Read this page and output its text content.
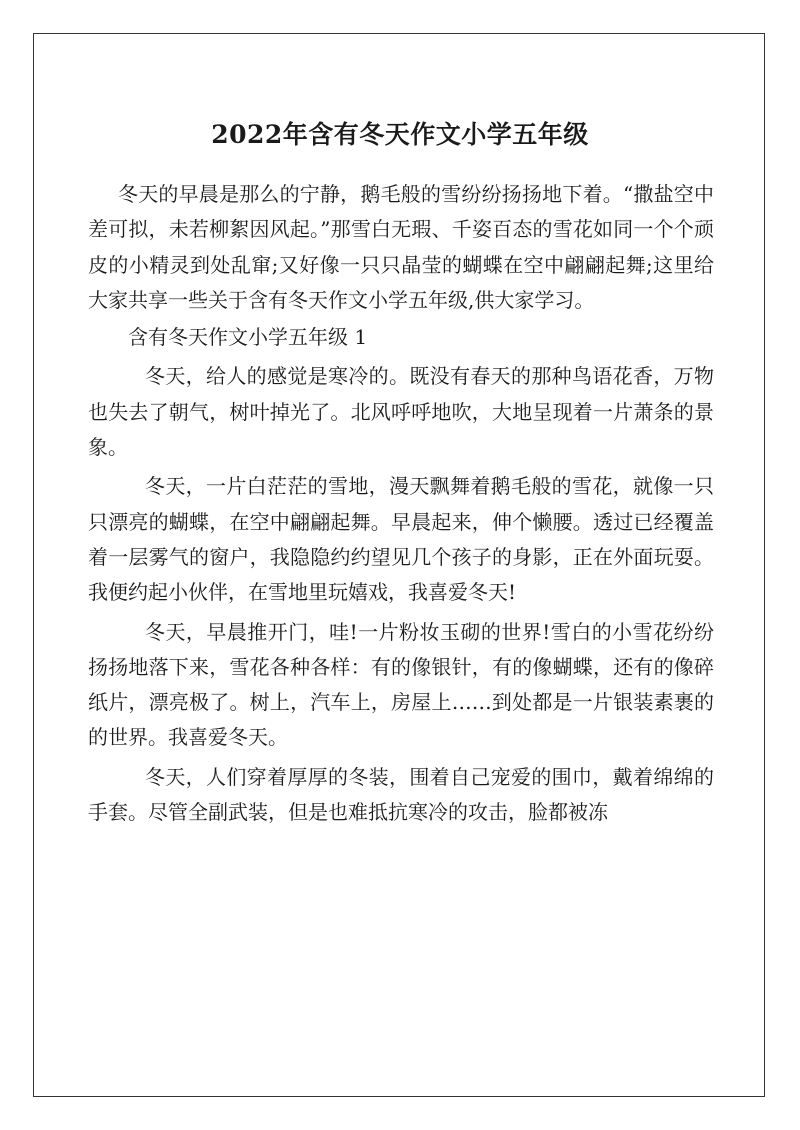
2022年含有冬天作文小学五年级

冬天的早晨是那么的宁静，鹅毛般的雪纷纷扬扬地下着。“撒盐空中差可拟，未若柳絮因风起。”那雪白无瑕、千姿百态的雪花如同一个个顽皮的小精灵到处乱窜;又好像一只只晶莹的蝴蝶在空中翩翩起舞;这里给大家共享一些关于含有冬天作文小学五年级,供大家学习。

含有冬天作文小学五年级 1

冬天，给人的感觉是寒冷的。既没有春天的那种鸟语花香，万物也失去了朝气，树叶掉光了。北风呼呼地吹，大地呈现着一片萧条的景象。

冬天，一片白茫茫的雪地，漫天飘舞着鹅毛般的雪花，就像一只只漂亮的蝴蝶，在空中翩翩起舞。早晨起来，伸个懒腰。透过已经覆盖着一层雾气的窗户，我隐隐约约望见几个孩子的身影，正在外面玩耍。我便约起小伙伴，在雪地里玩嬉戏，我喜爱冬天!

冬天，早晨推开门，哇!一片粉妆玉砌的世界!雪白的小雪花纷纷扬扬地落下来，雪花各种各样：有的像银针，有的像蝴蝶，还有的像碎纸片，漂亮极了。树上，汽车上，房屋上……到处都是一片银装素裹的的世界。我喜爱冬天。

冬天，人们穿着厚厚的冬装，围着自己宠爱的围巾，戴着绵绵的手套。尽管全副武装，但是也难抵抗寒冷的攻击，脸都被冻
